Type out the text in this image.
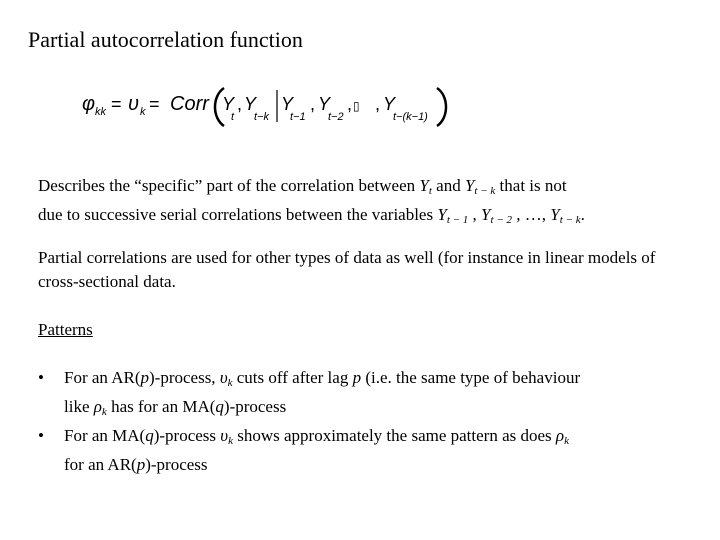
Partial autocorrelation function
φ kk = υ k = Corr Y
t
, Y
t−k
Y
t−1
, Y
t−2
, ▯ , Y
t−(k−1)
Describes the “specific” part of the correlation between $Y_t$ and $Y_{t - k}$ that is not
due to successive serial correlations between the variables $Y_{t - 1}$ , $Y_{t - 2}$ , …, $Y_{t - k}$.
Partial correlations are used for other types of data as well (for instance in linear models of cross-sectional data.
Patterns
• For an AR(p)-process, $\upsilon_k$ cuts off after lag p (i.e. the same type of behaviour
like $\rho_k$ has for an MA(q)-process
• For an MA(q)-process $\upsilon_k$ shows approximately the same pattern as does $\rho_k$
for an AR(p)-process
